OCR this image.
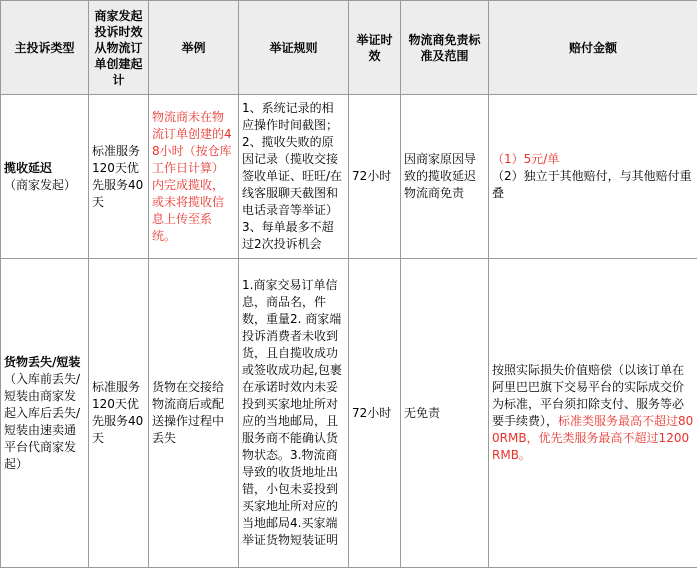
主投诉类型	商家发起投诉时效从物流订单创建起计	举例	举证规则	举证时效	物流商免责标准及范围	赔付金额

揽收延迟
（商家发起）	标准服务120天优先服务40天	物流商未在物流订单创建的48小时（按仓库工作日计算）内完成揽收，或未将揽收信息上传至系统。	1、系统记录的相应操作时间截图；2、揽收失败的原因记录（揽收交接签收单证、旺旺/在线客服聊天截图和电话录音等举证）3、每单最多不超过2次投诉机会	72小时	因商家原因导致的揽收延迟物流商免责	（1）5元/单
（2）独立于其他赔付，与其他赔付重叠

货物丢失/短装
（入库前丢失/短装由商家发起入库后丢失/短装由速卖通平台代商家发起）	标准服务120天优先服务40天	货物在交接给物流商后或配送操作过程中丢失	1.商家交易订单信息，商品名，件数，重量2. 商家端投诉消费者未收到货，且自揽收成功或签收成功起,包裹在承诺时效内未妥投到买家地址所对应的当地邮局，且服务商不能确认货物状态。3.物流商导致的收货地址出错，小包未妥投到买家地址所对应的当地邮局4.买家端举证货物短装证明	72小时	无免责	按照实际损失价值赔偿（以该订单在阿里巴巴旗下交易平台的实际成交价为标准，平台须扣除支付、服务等必要手续费），标准类服务最高不超过800RMB，优先类服务最高不超过1200RMB。
